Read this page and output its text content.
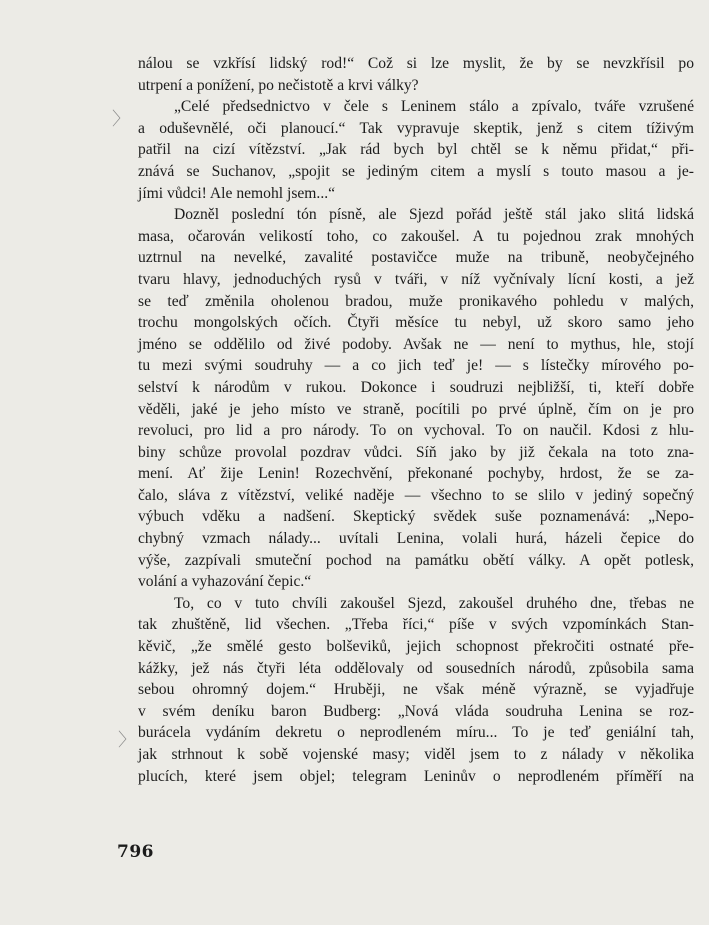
〉
〉
nálou se vzkřísí lidský rod!“ Což si lze myslit, že by se nevzkřísil po
utrpení a ponížení, po nečistotě a krvi války?
„Celé předsednictvo v čele s Leninem stálo a zpívalo, tváře vzrušené
a oduševnělé, oči planoucí.“ Tak vypravuje skeptik, jenž s citem tíživým
patřil na cizí vítězství. „Jak rád bych byl chtěl se k němu přidat,“ při-
znává se Suchanov, „spojit se jediným citem a myslí s touto masou a je-
jími vůdci! Ale nemohl jsem...“
Dozněl poslední tón písně, ale Sjezd pořád ještě stál jako slitá lidská
masa, očarován velikostí toho, co zakoušel. A tu pojednou zrak mnohých
uztrnul na nevelké, zavalité postavičce muže na tribuně, neobyčejného
tvaru hlavy, jednoduchých rysů v tváři, v níž vyčnívaly lícní kosti, a jež
se teď změnila oholenou bradou, muže pronikavého pohledu v malých,
trochu mongolských očích. Čtyři měsíce tu nebyl, už skoro samo jeho
jméno se oddělilo od živé podoby. Avšak ne — není to mythus, hle, stojí
tu mezi svými soudruhy — a co jich teď je! — s lístečky mírového po-
selství k národům v rukou. Dokonce i soudruzi nejbližší, ti, kteří dobře
věděli, jaké je jeho místo ve straně, pocítili po prvé úplně, čím on je pro
revoluci, pro lid a pro národy. To on vychoval. To on naučil. Kdosi z hlu-
biny schůze provolal pozdrav vůdci. Síň jako by již čekala na toto zna-
mení. Ať žije Lenin! Rozechvění, překonané pochyby, hrdost, že se za-
čalo, sláva z vítězství, veliké naděje — všechno to se slilo v jediný sopečný
výbuch vděku a nadšení. Skeptický svědek suše poznamenává: „Nepo-
chybný vzmach nálady... uvítali Lenina, volali hurá, házeli čepice do
výše, zazpívali smuteční pochod na památku obětí války. A opět potlesk,
volání a vyhazování čepic.“
To, co v tuto chvíli zakoušel Sjezd, zakoušel druhého dne, třebas ne
tak zhuštěně, lid všechen. „Třeba říci,“ píše v svých vzpomínkách Stan-
kěvič, „že smělé gesto bolševiků, jejich schopnost překročiti ostnaté pře-
kážky, jež nás čtyři léta oddělovaly od sousedních národů, způsobila sama
sebou ohromný dojem.“ Hruběji, ne však méně výrazně, se vyjadřuje
v svém deníku baron Budberg: „Nová vláda soudruha Lenina se roz-
burácela vydáním dekretu o neprodleném míru... To je teď geniální tah,
jak strhnout k sobě vojenské masy; viděl jsem to z nálady v několika
plucích, které jsem objel; telegram Leninův o neprodleném příměří na
796
